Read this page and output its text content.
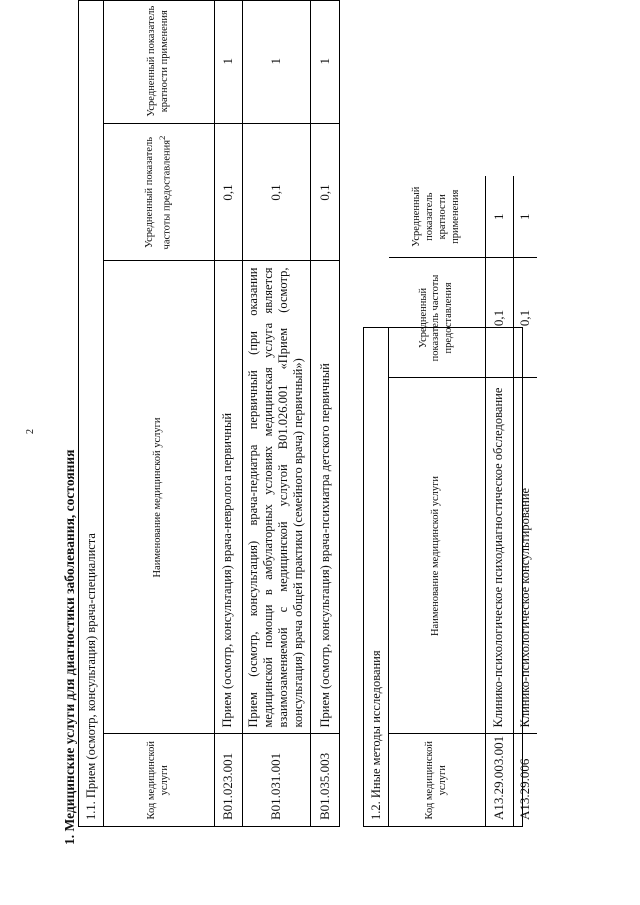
2
1. Медицинские услуги для диагностики заболевания, состояния 1.1. Прием (осмотр, консультация) врача-специалиста	Код медицинской услуги	Наименование медицинской услуги	Усредненный показатель частоты предоставления$^2$	Усредненный показатель кратности применения
B01.023.001	Прием (осмотр, консультация) врача-невролога первичный	0,1	1
B01.031.001	Прием (осмотр, консультация) врача-педиатра первичный (при оказании медицинской помощи в амбулаторных условиях медицинская услуга является взаимозаменяемой с медицинской услугой B01.026.001 «Прием (осмотр, консультация) врача общей практики (семейного врача) первичный»)	0,1	1
B01.035.003	Прием (осмотр, консультация) врача-психиатра детского первичный	0,1	1
1.2. Иные методы исследования	Код медицинской услуги	Наименование медицинской услуги	Усредненный показатель частоты предоставления	Усредненный показатель кратности применения
A13.29.003.001	Клинико-психологическое психодиагностическое обследование	0,1	1
A13.29.006	Клинико-психологическое консультирование	0,1	1
